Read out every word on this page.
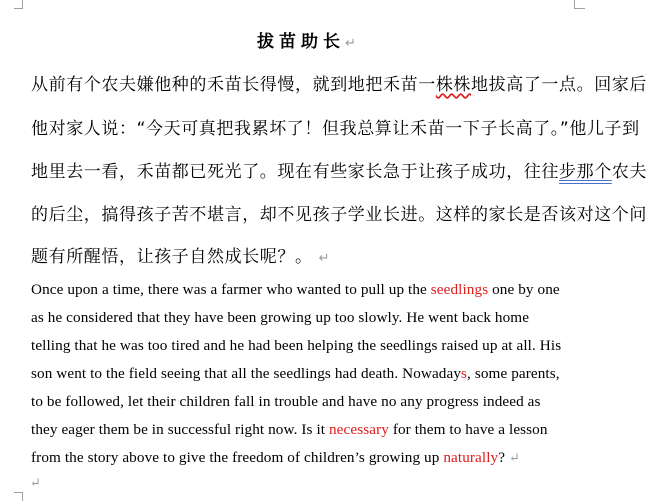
拔苗助长↵
从前有个农夫嫌他种的禾苗长得慢，就到地把禾苗一株株地拔高了一点。回家后
他对家人说：“今天可真把我累坏了！但我总算让禾苗一下子长高了。”他儿子到
地里去一看，禾苗都已死光了。现在有些家长急于让孩子成功，往往步那个农夫
的后尘，搞得孩子苦不堪言，却不见孩子学业长进。这样的家长是否该对这个问
题有所醒悟，让孩子自然成长呢？。 ↵
Once upon a time, there was a farmer who wanted to pull up the seedlings one by one
as he considered that they have been growing up too slowly. He went back home
telling that he was too tired and he had been helping the seedlings raised up at all. His
son went to the field seeing that all the seedlings had death. Nowadays, some parents,
to be followed, let their children fall in trouble and have no any progress indeed as
they eager them be in successful right now. Is it necessary for them to have a lesson
from the story above to give the freedom of children’s growing up naturally? ↵
↵
